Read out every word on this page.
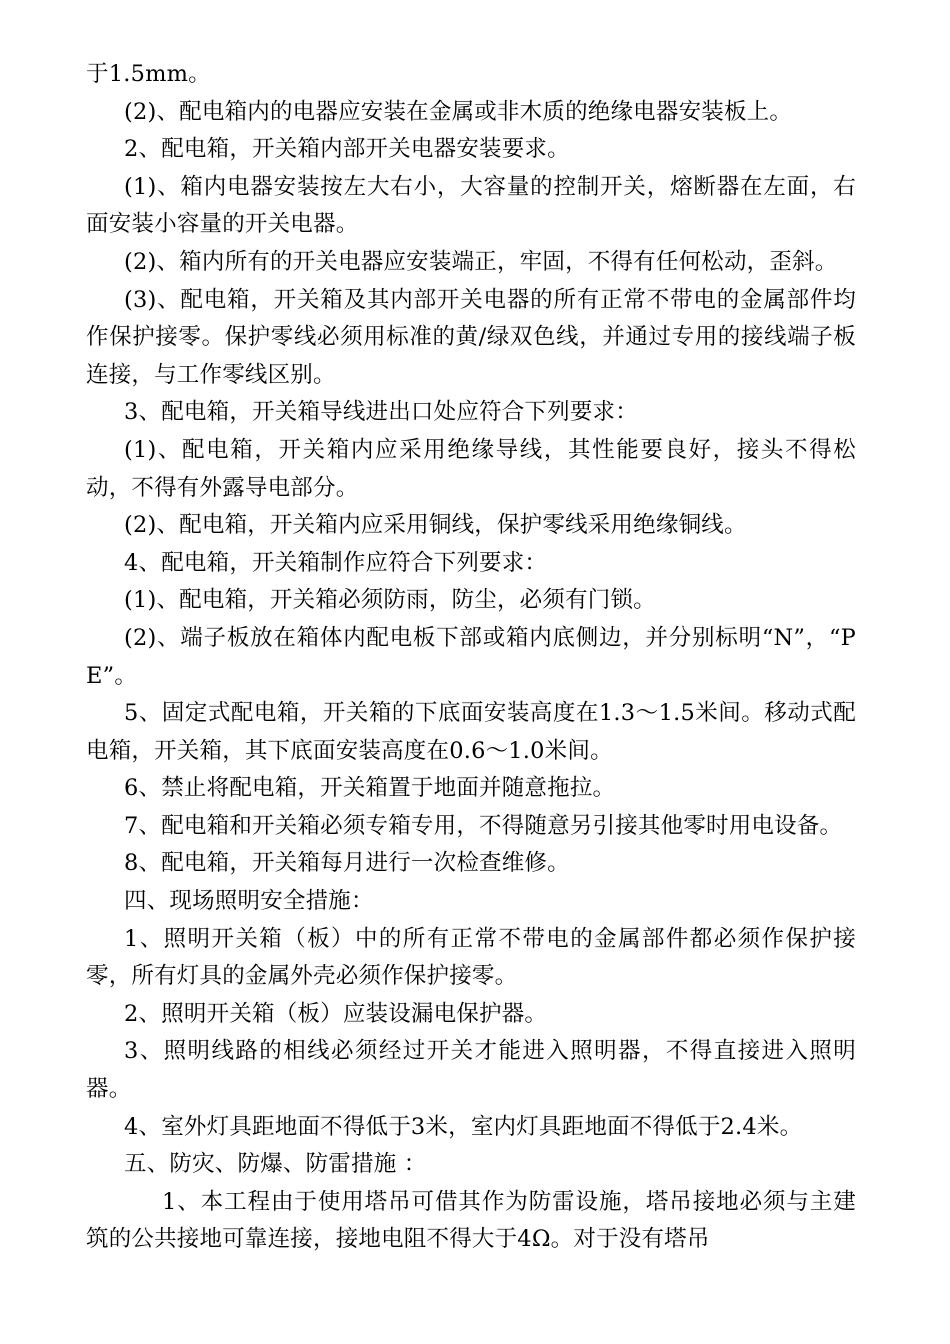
于1.5mm。

(2)、配电箱内的电器应安装在金属或非木质的绝缘电器安装板上。

2、配电箱，开关箱内部开关电器安装要求。

(1)、箱内电器安装按左大右小，大容量的控制开关，熔断器在左面，右面安装小容量的开关电器。

(2)、箱内所有的开关电器应安装端正，牢固，不得有任何松动，歪斜。

(3)、配电箱，开关箱及其内部开关电器的所有正常不带电的金属部件均作保护接零。保护零线必须用标准的黄/绿双色线，并通过专用的接线端子板连接，与工作零线区别。

3、配电箱，开关箱导线进出口处应符合下列要求：

(1)、配电箱，开关箱内应采用绝缘导线，其性能要良好，接头不得松动，不得有外露导电部分。

(2)、配电箱，开关箱内应采用铜线，保护零线采用绝缘铜线。

4、配电箱，开关箱制作应符合下列要求：

(1)、配电箱，开关箱必须防雨，防尘，必须有门锁。

(2)、端子板放在箱体内配电板下部或箱内底侧边，并分别标明“N”，“PE”。

5、固定式配电箱，开关箱的下底面安装高度在1.3～1.5米间。移动式配电箱，开关箱，其下底面安装高度在0.6～1.0米间。

6、禁止将配电箱，开关箱置于地面并随意拖拉。

7、配电箱和开关箱必须专箱专用，不得随意另引接其他零时用电设备。

8、配电箱，开关箱每月进行一次检查维修。

四、现场照明安全措施：

1、照明开关箱（板）中的所有正常不带电的金属部件都必须作保护接零，所有灯具的金属外壳必须作保护接零。

2、照明开关箱（板）应装设漏电保护器。

3、照明线路的相线必须经过开关才能进入照明器，不得直接进入照明器。

4、室外灯具距地面不得低于3米，室内灯具距地面不得低于2.4米。

五、防灾、防爆、防雷措施 ：

1、本工程由于使用塔吊可借其作为防雷设施，塔吊接地必须与主建筑的公共接地可靠连接，接地电阻不得大于4Ω。对于没有塔吊
